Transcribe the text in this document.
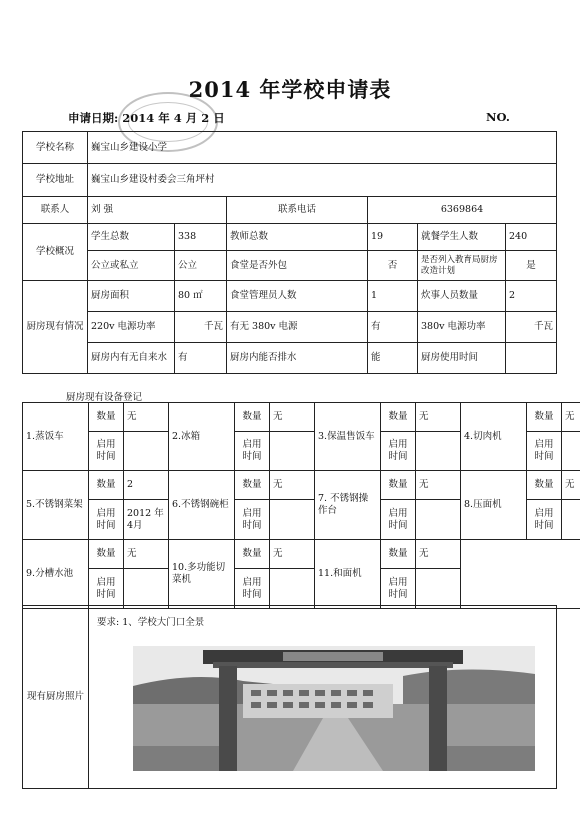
2014 年学校申请表
申请日期: 2014 年 4 月 2 日	NO.
学校名称	巍宝山乡建设小学					
学校地址	巍宝山乡建设村委会三角坪村					
联系人	刘 强		联系电话	6369864		
学校概况	学生总数	338	教师总数	19	就餐学生人数	240
	公立或私立	公立	食堂是否外包	否	是否列入教育局厨房改造计划	是
厨房现有情况	厨房面积	80 ㎡	食堂管理员人数	1	炊事人员数量	2
	220v 电源功率	千瓦	有无 380v 电源	有	380v 电源功率	千瓦
	厨房内有无自来水	有	厨房内能否排水	能	厨房使用时间	
厨房现有设备登记
1.蒸饭车	数量	无	2.冰箱	数量	无	3.保温售饭车	数量	无	4.切肉机	数量	无
	启用时间			启用时间			启用时间			启用时间	
5.不锈钢菜架	数量	2	6.不锈钢碗柜	数量	无	7. 不锈钢操作台	数量	无	8.压面机	数量	无
	启用时间	2012 年 4月		启用时间			启用时间			启用时间	
9.分槽水池	数量	无	10.多功能切菜机	数量	无	11.和面机	数量	无			
	启用时间			启用时间			启用时间				
现有厨房照片	
要求: 1、学校大门口全景
